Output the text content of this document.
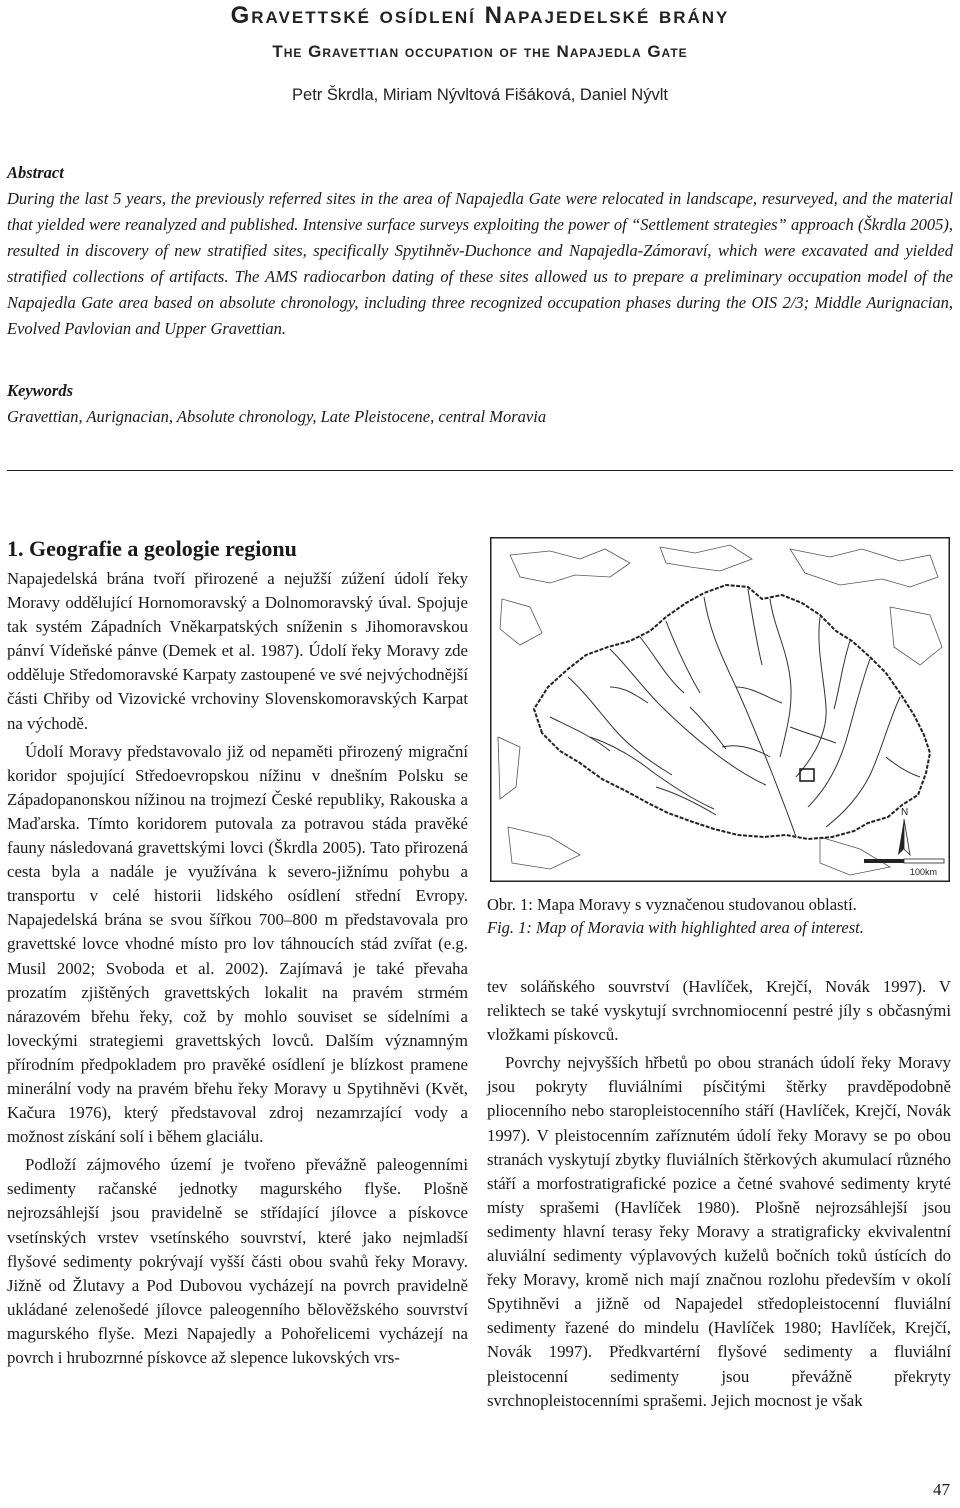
Gravettské osídlení Napajedelské brány
The Gravettian occupation of the Napajedla Gate
Petr Škrdla, Miriam Nývltová Fišáková, Daniel Nývlt

Abstract
During the last 5 years, the previously referred sites in the area of Napajedla Gate were relocated in landscape, resurveyed, and the material that yielded were reanalyzed and published. Intensive surface surveys exploiting the power of “Settlement strategies” approach (Škrdla 2005), resulted in discovery of new stratified sites, specifically Spytihněv-Duchonce and Napajedla-Zámoraví, which were excavated and yielded stratified collections of artifacts. The AMS radiocarbon dating of these sites allowed us to prepare a preliminary occupation model of the Napajedla Gate area based on absolute chronology, including three recognized occupation phases during the OIS 2/3; Middle Aurignacian, Evolved Pavlovian and Upper Gravettian.

Keywords
Gravettian, Aurignacian, Absolute chronology, Late Pleistocene, central Moravia

1. Geografie a geologie regionu

Napajedelská brána tvoří přirozené a nejužší zúžení údolí řeky Moravy oddělující Hornomoravský a Dolnomoravský úval. Spojuje tak systém Západních Vněkarpatských sníženin s Jihomoravskou pánví Vídeňské pánve (Demek et al. 1987). Údolí řeky Moravy zde odděluje Středomoravské Karpaty zastoupené ve své nejvýchodnější části Chřiby od Vizovické vrchoviny Slovenskomoravských Karpat na východě.

Údolí Moravy představovalo již od nepaměti přirozený migrační koridor spojující Středoevropskou nížinu v dnešním Polsku se Západopanonskou nížinou na trojmezí České republiky, Rakouska a Maďarska. Tímto koridorem putovala za potravou stáda pravěké fauny následovaná gravettskými lovci (Škrdla 2005). Tato přirozená cesta byla a nadále je využívána k severo-jižnímu pohybu a transportu v celé historii lidského osídlení střední Evropy. Napajedelská brána se svou šířkou 700–800 m představovala pro gravettské lovce vhodné místo pro lov táhnoucích stád zvířat (e.g. Musil 2002; Svoboda et al. 2002). Zajímavá je také převaha prozatím zjištěných gravettských lokalit na pravém strmém nárazovém břehu řeky, což by mohlo souviset se sídelními a loveckými strategiemi gravettských lovců. Dalším významným přírodním předpokladem pro pravěké osídlení je blízkost pramene minerální vody na pravém břehu řeky Moravy u Spytihněvi (Květ, Kačura 1976), který představoval zdroj nezamrzající vody a možnost získání solí i během glaciálu.

Podloží zájmového území je tvořeno převážně paleogenními sedimenty račanské jednotky magurského flyše. Plošně nejrozsáhlejší jsou pravidelně se střídající jílovce a pískovce vsetínských vrstev vsetínského souvrství, které jako nejmladší flyšové sedimenty pokrývají vyšší části obou svahů řeky Moravy. Jižně od Žlutavy a Pod Dubovou vycházejí na povrch pravidelně ukládané zelenošedé jílovce paleogenního bělověžského souvrství magurského flyše. Mezi Napajedly a Pohořelicemi vycházejí na povrch i hrubozrnné pískovce až slepence lukovských vrs-

N
100km
Obr. 1: Mapa Moravy s vyznačenou studovanou oblastí.
Fig. 1: Map of Moravia with highlighted area of interest.

tev soláňského souvrství (Havlíček, Krejčí, Novák 1997). V reliktech se také vyskytují svrchnomiocenní pestré jíly s občasnými vložkami pískovců.

Povrchy nejvyšších hřbetů po obou stranách údolí řeky Moravy jsou pokryty fluviálními písčitými štěrky pravděpodobně pliocenního nebo staropleistocenního stáří (Havlíček, Krejčí, Novák 1997). V pleistocenním zaříznutém údolí řeky Moravy se po obou stranách vyskytují zbytky fluviálních štěrkových akumulací různého stáří a morfostratigrafické pozice a četné svahové sedimenty kryté místy sprašemi (Havlíček 1980). Plošně nejrozsáhlejší jsou sedimenty hlavní terasy řeky Moravy a stratigraficky ekvivalentní aluviální sedimenty výplavových kuželů bočních toků ústících do řeky Moravy, kromě nich mají značnou rozlohu především v okolí Spytihněvi a jižně od Napajedel středopleistocenní fluviální sedimenty řazené do mindelu (Havlíček 1980; Havlíček, Krejčí, Novák 1997). Předkvartérní flyšové sedimenty a fluviální pleistocenní sedimenty jsou převážně překryty svrchnopleistocenními sprašemi. Jejich mocnost je však

47
